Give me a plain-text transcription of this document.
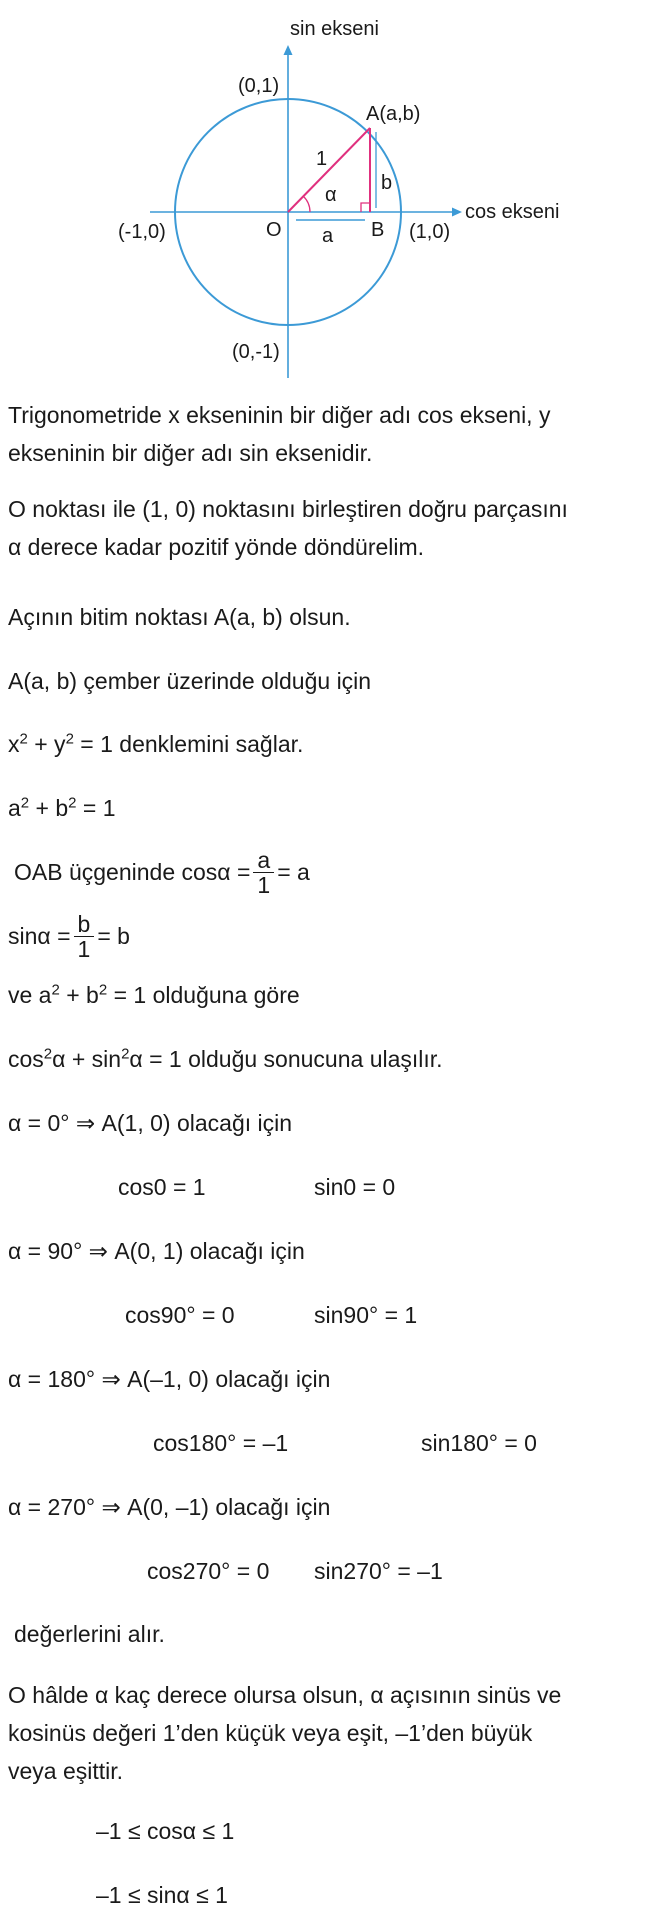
sin ekseni
cos ekseni
(0,1)
(0,-1)
(-1,0)	(1,0)
O
A(a,b)
B
1
α
a
b
Trigonometride x ekseninin bir diğer adı cos ekseni, y
ekseninin bir diğer adı sin eksenidir.
O noktası ile (1, 0) noktasını birleştiren doğru parçasını
α derece kadar pozitif yönde döndürelim.
Açının bitim noktası A(a, b) olsun.
A(a, b) çember üzerinde olduğu için
$x^2 + y^2 = 1$ denklemini sağlar.
$a^2 + b^2 = 1$
OAB üçgeninde $\cos\alpha = \frac{a}{1} = a$
$\sin\alpha = \frac{b}{1} = b$
ve $a^2 + b^2 = 1$ olduğuna göre
$\cos^2\alpha + \sin^2\alpha = 1$ olduğu sonucuna ulaşılır.
α = 0° ⇒ A(1, 0) olacağı için
cos0 = 1	sin0 = 0
α = 90° ⇒ A(0, 1) olacağı için
cos90° = 0	sin90° = 1
α = 180° ⇒ A(–1, 0) olacağı için
cos180° = –1	sin180° = 0
α = 270° ⇒ A(0, –1) olacağı için
cos270° = 0 sin270° = –1
değerlerini alır.
O hâlde α kaç derece olursa olsun, α açısının sinüs ve
kosinüs değeri 1’den küçük veya eşit, –1’den büyük
veya eşittir.
–1 ≤ cosα ≤ 1
–1 ≤ sinα ≤ 1
